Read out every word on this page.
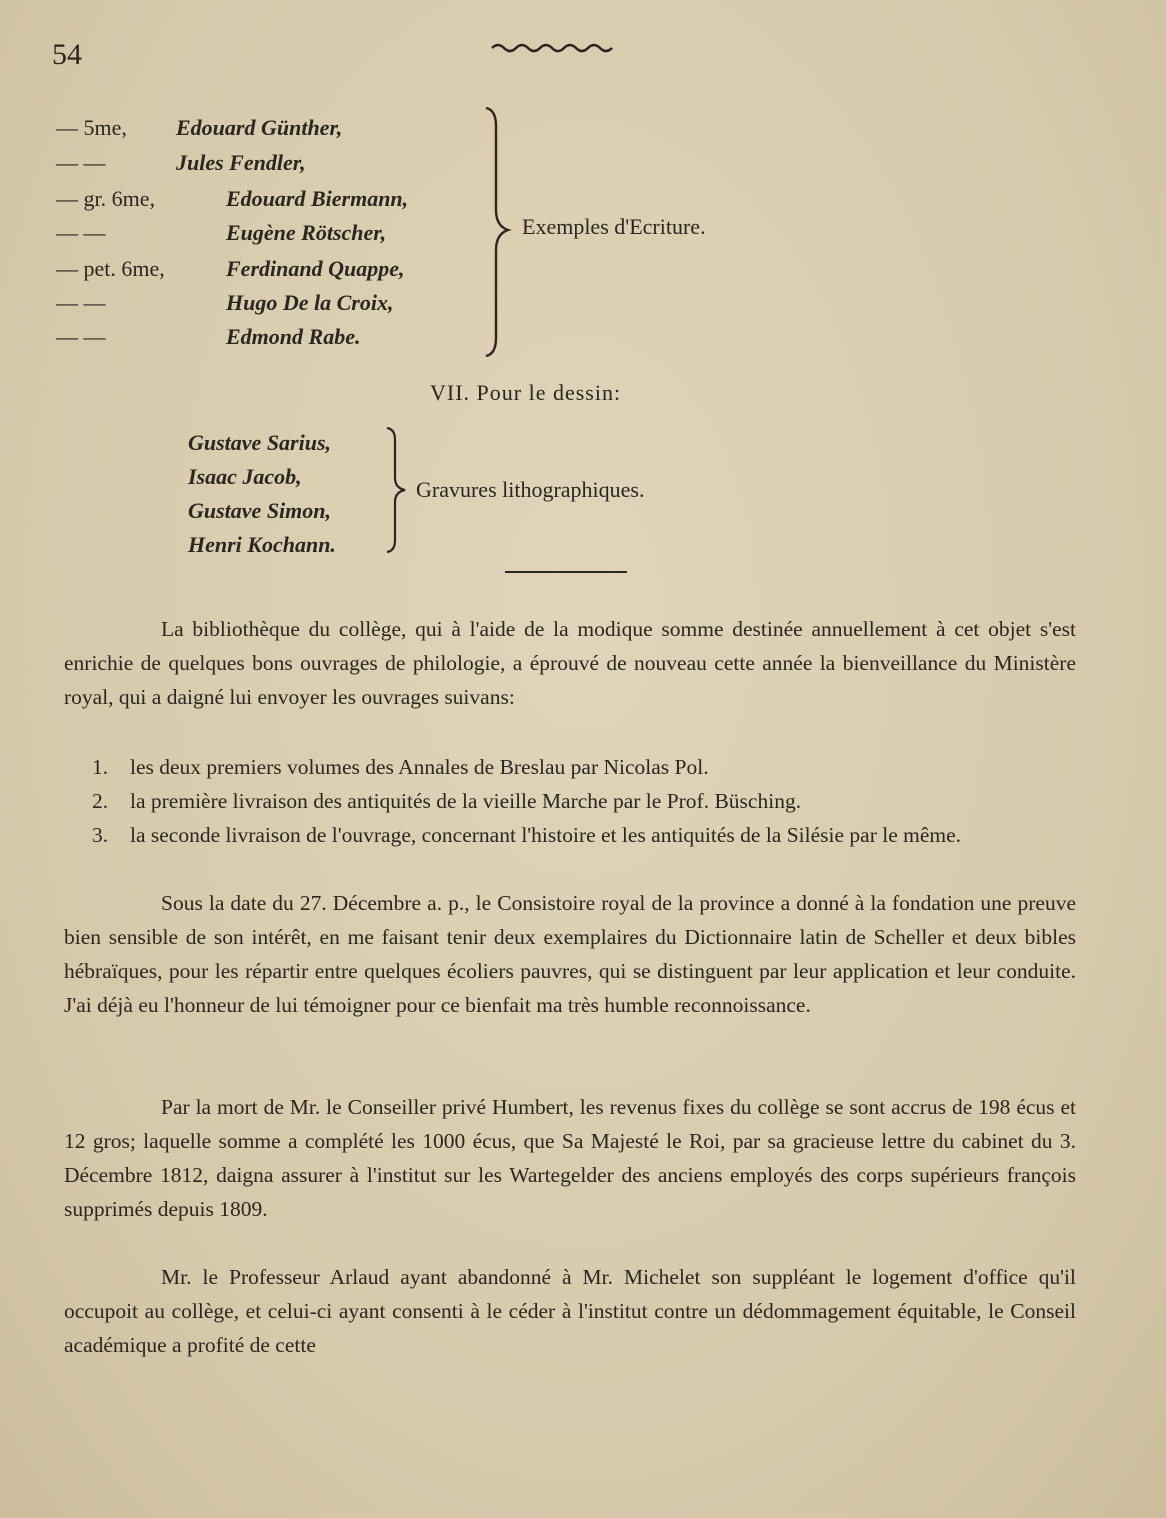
54
— 5me, Edouard Günther,
— —	Jules Fendler,
— gr. 6me,	Edouard Biermann,
— —	Eugène Rötscher,
— pet. 6me,	Ferdinand Quappe,
— —	Hugo De la Croix,
— —	Edmond Rabe.
Exemples d'Ecriture.
VII. Pour le dessin:
Gustave Sarius,
Isaac Jacob,
Gustave Simon,
Henri Kochann.
Gravures lithographiques.
La bibliothèque du collège, qui à l'aide de la modique somme destinée annuellement à cet objet s'est enrichie de quelques bons ouvrages de philologie, a éprouvé de nouveau cette année la bienveillance du Ministère royal, qui a daigné lui envoyer les ouvrages suivans:
1. les deux premiers volumes des Annales de Breslau par Nicolas Pol.
2. la première livraison des antiquités de la vieille Marche par le Prof. Büsching.
3. la seconde livraison de l'ouvrage, concernant l'histoire et les antiquités de la Silésie par le même.
Sous la date du 27. Décembre a. p., le Consistoire royal de la province a donné à la fondation une preuve bien sensible de son intérêt, en me faisant tenir deux exemplaires du Dictionnaire latin de Scheller et deux bibles hébraïques, pour les répartir entre quelques écoliers pauvres, qui se distinguent par leur application et leur conduite. J'ai déjà eu l'honneur de lui témoigner pour ce bienfait ma très humble reconnoissance.
Par la mort de Mr. le Conseiller privé Humbert, les revenus fixes du collège se sont accrus de 198 écus et 12 gros; laquelle somme a complété les 1000 écus, que Sa Majesté le Roi, par sa gracieuse lettre du cabinet du 3. Décembre 1812, daigna assurer à l'institut sur les Wartegelder des anciens employés des corps supérieurs françois supprimés depuis 1809.
Mr. le Professeur Arlaud ayant abandonné à Mr. Michelet son suppléant le logement d'office qu'il occupoit au collège, et celui-ci ayant consenti à le céder à l'institut contre un dédommagement équitable, le Conseil académique a profité de cette
